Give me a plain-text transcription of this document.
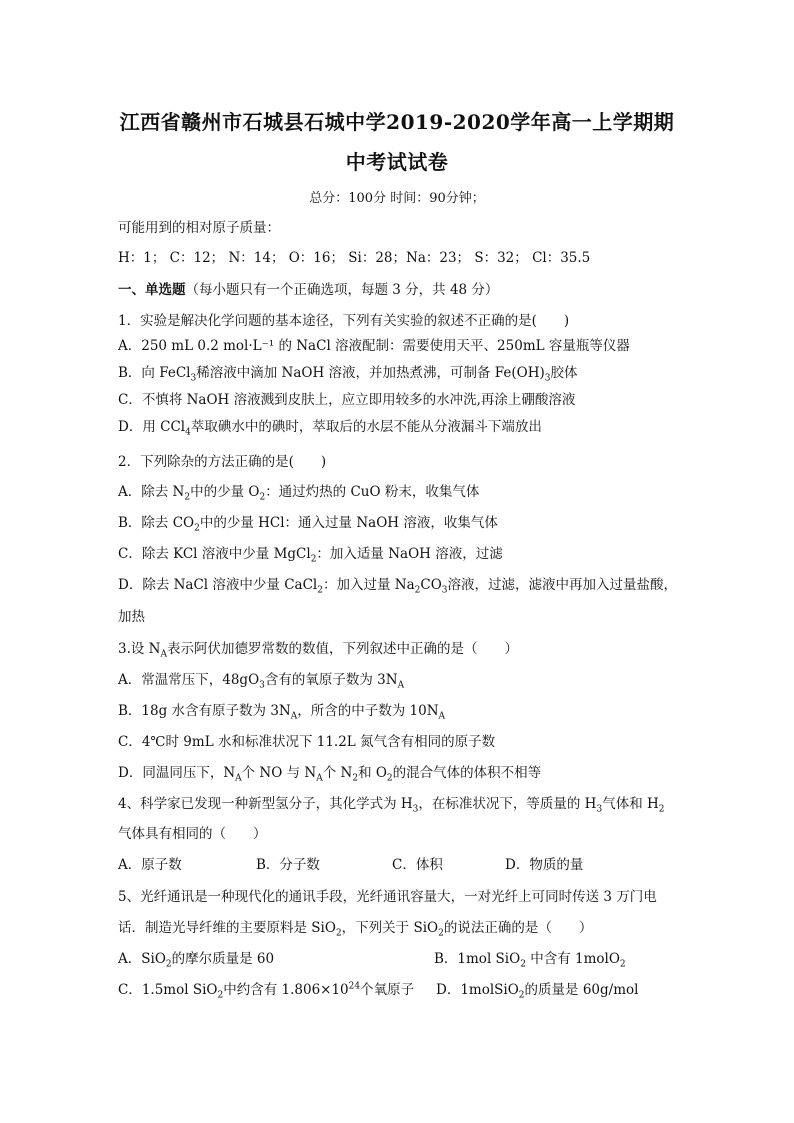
江西省赣州市石城县石城中学2019-2020学年高一上学期期
中考试试卷
总分：100分 时间：90分钟；
可能用到的相对原子质量：
H：1； C：12； N：14； O：16； Si：28；Na：23； S：32； Cl：35.5
一、单选题（每小题只有一个正确选项，每题 3 分，共 48 分）
1．实验是解决化学问题的基本途径，下列有关实验的叙述不正确的是(　　)
A．250 mL 0.2 mol·L⁻¹ 的 NaCl 溶液配制：需要使用天平、250mL 容量瓶等仪器
B．向 FeCl$_3$稀溶液中滴加 NaOH 溶液，并加热煮沸，可制备 $Fe(OH)_3$胶体
C．不慎将 NaOH 溶液溅到皮肤上，应立即用较多的水冲洗,再涂上硼酸溶液
D．用 CCl$_4$萃取碘水中的碘时，萃取后的水层不能从分液漏斗下端放出
2．下列除杂的方法正确的是(　　)
A．除去 $N_2$中的少量 $O_2$：通过灼热的 CuO 粉末，收集气体
B．除去 $CO_2$中的少量 HCl：通入过量 NaOH 溶液，收集气体
C．除去 KCl 溶液中少量 MgCl$_2$：加入适量 NaOH 溶液，过滤
D．除去 NaCl 溶液中少量 CaCl$_2$：加入过量 $Na_2CO_3$溶液，过滤，滤液中再加入过量盐酸，
加热
3.设 $N_A$表示阿伏加德罗常数的数值，下列叙述中正确的是（　　）
A．常温常压下，$48gO_3$含有的氧原子数为 $3N_A$
B．18g 水含有原子数为 $3N_A$，所含的中子数为 $10N_A$
C．4℃时 9mL 水和标准状况下 11.2L 氮气含有相同的原子数
D．同温同压下，$N_A$个 NO 与 $N_A$个 $N_2$和 $O_2$的混合气体的体积不相等
4、科学家已发现一种新型氢分子，其化学式为 $H_3$，在标准状况下，等质量的 $H_3$气体和 $H_2$
气体具有相同的（　　）
A．原子数	B．分子数	C．体积	D．物质的量
5、光纤通讯是一种现代化的通讯手段，光纤通讯容量大，一对光纤上可同时传送 3 万门电
话．制造光导纤维的主要原料是 SiO$_2$，下列关于 SiO$_2$的说法正确的是（　　）
A．SiO$_2$的摩尔质量是 60	B．1mol SiO$_2$ 中含有 1molO$_2$
C．1.5mol SiO$_2$中约含有 $1.806\times 10^{24}$个氧原子 D．1molSiO$_2$的质量是 60g/mol
